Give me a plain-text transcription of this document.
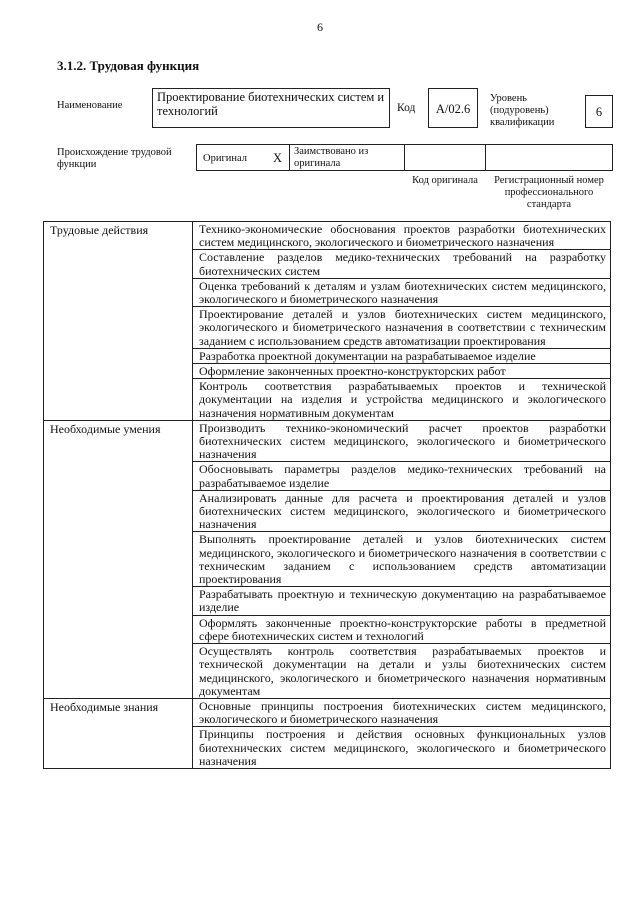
6
3.1.2. Трудовая функция
Наименование
Проектирование биотехнических систем и технологий	Код	A/02.6
Уровень (подуровень) квалификации
6
Происхождение трудовой функции
Оригинал X Заимствовано из оригинала
Код оригинала	Регистрационный номер профессионального стандарта
Трудовые действия	Технико-экономические обоснования проектов разработки биотехнических систем медицинского, экологического и биометрического назначения
	Составление разделов медико-технических требований на разработку биотехнических систем
	Оценка требований к деталям и узлам биотехнических систем медицинского, экологического и биометрического назначения
	Проектирование деталей и узлов биотехнических систем медицинского, экологического и биометрического назначения в соответствии с техническим заданием с использованием средств автоматизации проектирования
	Разработка проектной документации на разрабатываемое изделие
	Оформление законченных проектно-конструкторских работ
	Контроль соответствия разрабатываемых проектов и технической документации на изделия и устройства медицинского и экологического назначения нормативным документам
Необходимые умения	Производить технико-экономический расчет проектов разработки биотехнических систем медицинского, экологического и биометрического назначения
	Обосновывать параметры разделов медико-технических требований на разрабатываемое изделие
	Анализировать данные для расчета и проектирования деталей и узлов биотехнических систем медицинского, экологического и биометрического назначения
	Выполнять проектирование деталей и узлов биотехнических систем медицинского, экологического и биометрического назначения в соответствии с техническим заданием с использованием средств автоматизации проектирования
	Разрабатывать проектную и техническую документацию на разрабатываемое изделие
	Оформлять законченные проектно-конструкторские работы в предметной сфере биотехнических систем и технологий
	Осуществлять контроль соответствия разрабатываемых проектов и технической документации на детали и узлы биотехнических систем медицинского, экологического и биометрического назначения нормативным документам
Необходимые знания	Основные принципы построения биотехнических систем медицинского, экологического и биометрического назначения
	Принципы построения и действия основных функциональных узлов биотехнических систем медицинского, экологического и биометрического назначения
